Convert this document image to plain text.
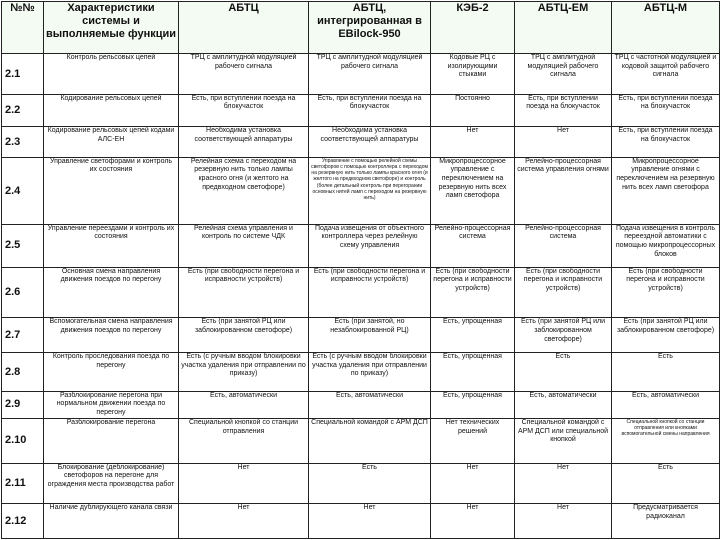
№№	Характеристики системы и выполняемые функции	АБТЦ	АБТЦ, интегрированная в EBilock-950	КЭБ-2	АБТЦ-ЕМ	АБТЦ-М
2.1	Контроль рельсовых цепей	ТРЦ с амплитудной модуляцией рабочего сигнала	ТРЦ с амплитудной модуляцией рабочего сигнала	Кодовые РЦ с изолирующими стыками	ТРЦ с амплитудной модуляцией рабочего сигнала	ТРЦ с частотной модуляцией и кодовой защитой рабочего сигнала
2.2	Кодирование рельсовых цепей	Есть, при вступлении поезда на блокучасток	Есть, при вступлении поезда на блокучасток	Постоянно	Есть, при вступлении поезда на блокучасток	Есть, при вступлении поезда на блокучасток
2.3	Кодирование рельсовых цепей кодами АЛС-ЕН	Необходима установка соответствующей аппаратуры	Необходима установка соответствующей аппаратуры	Нет	Нет	Есть, при вступлении поезда на блокучасток
2.4	Управление светофорами и контроль их состояния	Релейная схема с переходом на резервную нить только лампы красного огня (и желтого на предвходном светофоре)	Управление с помощью релейной схемы светофоров с помощью контроллера с переходом на резервную нить только лампы красного огня (и желтого на предвходном светофоре) и контроль (более детальный контроль при перегорании основных нитей ламп с переходом на резервную нить)	Микропроцессорное управление с переключением на резервную нить всех ламп светофора	Релейно-процессорная система управления огнями	Микропроцессорное управление огнями с переключением на резервную нить всех ламп светофора
2.5	Управление переездами и контроль их состояния	Релейная схема управления и контроль по системе ЧДК	Подача извещения от объектного контроллера через релейную схему управления	Релейно-процессорная система	Релейно-процессорная система	Подача извещения в контроль переездной автоматики с помощью микропроцессорных блоков
2.6	Основная смена направления движения поездов по перегону	Есть (при свободности перегона и исправности устройств)	Есть (при свободности перегона и исправности устройств)	Есть (при свободности перегона и исправности устройств)	Есть (при свободности перегона и исправности устройств)	Есть (при свободности перегона и исправности устройств)
2.7	Вспомогательная смена направления движения поездов по перегону	Есть (при занятой РЦ или заблокированном светофоре)	Есть (при занятой, но незаблокированной РЦ)	Есть, упрощенная	Есть (при занятой РЦ или заблокированном светофоре)	Есть (при занятой РЦ или заблокированном светофоре)
2.8	Контроль проследования поезда по перегону	Есть (с ручным вводом блокировки участка удаления при отправлении по приказу)	Есть (с ручным вводом блокировки участка удаления при отправлении по приказу)	Есть, упрощенная	Есть	Есть
2.9	Разблокирование перегона при нормальном движении поезда по перегону	Есть, автоматически	Есть, автоматически	Есть, упрощенная	Есть, автоматически	Есть, автоматически
2.10	Разблокирование перегона	Специальной кнопкой со станции отправления	Специальной командой с АРМ ДСП	Нет технических решений	Специальной командой с АРМ ДСП или специальной кнопкой	Специальной кнопкой со станции отправления или кнопками вспомогательной смены направления
2.11	Блокирование (деблокирование) светофоров на перегоне для ограждения места производства работ	Нет	Есть	Нет	Нет	Есть
2.12	Наличие дублирующего канала связи	Нет	Нет	Нет	Нет	Предусматривается радиоканал
